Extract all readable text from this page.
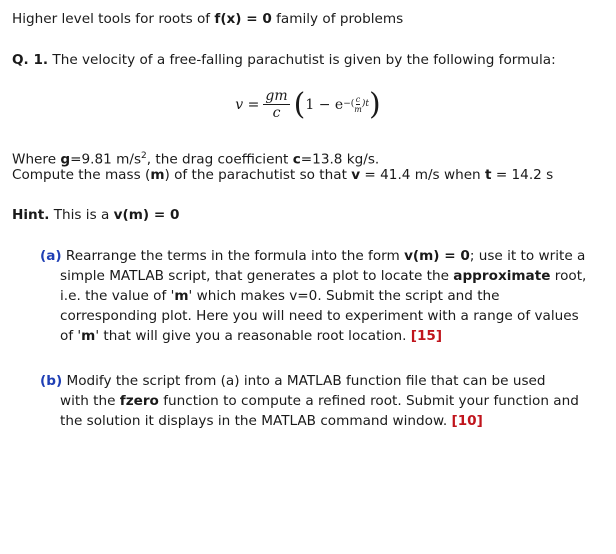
Higher level tools for roots of f(x) = 0 family of problems
Q. 1. The velocity of a free-falling parachutist is given by the following formula:
$v = \frac{gm}{c}$ ( 1 − e −( $\frac{c}{m} )t$ )
Where g=9.81 $m/s^2$, the drag coefficient c=13.8 kg/s.
Compute the mass (m) of the parachutist so that v = 41.4 m/s when t = 14.2 s
Hint. This is a v(m) = 0
(a) Rearrange the terms in the formula into the form v(m) = 0; use it to write a
simple MATLAB script, that generates a plot to locate the approximate root,
i.e. the value of 'm' which makes v=0. Submit the script and the
corresponding plot. Here you will need to experiment with a range of values
of 'm' that will give you a reasonable root location. [15]
(b) Modify the script from (a) into a MATLAB function file that can be used
with the fzero function to compute a refined root. Submit your function and
the solution it displays in the MATLAB command window. [10]
